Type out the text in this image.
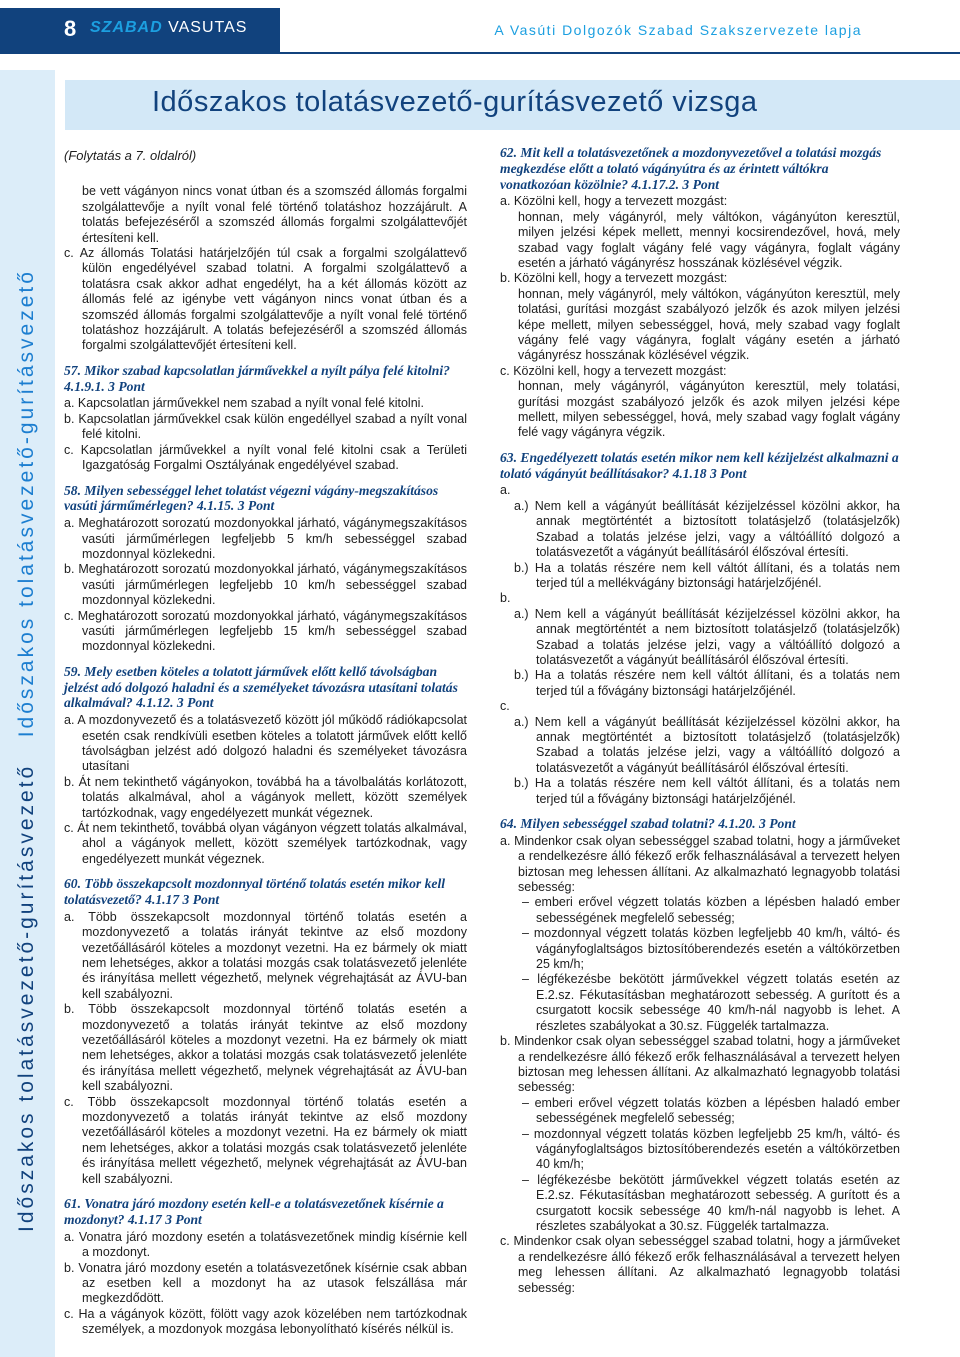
8 SZABAD VASUTAS	A Vasúti Dolgozók Szabad Szakszervezete lapja
Időszakos tolatásvezető-gurításvezető   Időszakos tolatásvezető-gurításvezető
Időszakos tolatásvezető-gurításvezető vizsga
(Folytatás a 7. oldalról)
be vett vágányon nincs vonat útban és a szomszéd állomás forgalmi szolgálattevője a nyílt vonal felé történő tolatáshoz hozzájárult. A tolatás befejezéséről a szomszéd állomás forgalmi szolgálattevőjét értesíteni kell.
c. Az állomás Tolatási határjelzőjén túl csak a forgalmi szolgálattevő külön engedélyével szabad tolatni. A forgalmi szolgálattevő a tolatásra csak akkor adhat engedélyt, ha a két állomás között az állomás felé az igénybe vett vágányon nincs vonat útban és a szomszéd állomás forgalmi szolgálattevője a nyílt vonal felé történő tolatáshoz hozzájárult. A tolatás befejezéséről a szomszéd állomás forgalmi szolgálattevőjét értesíteni kell.
57. Mikor szabad kapcsolatlan járművekkel a nyílt pálya felé kitolni? 4.1.9.1. 3 Pont
a. Kapcsolatlan járművekkel nem szabad a nyílt vonal felé kitolni.
b. Kapcsolatlan járművekkel csak külön engedéllyel szabad a nyílt vonal felé kitolni.
c. Kapcsolatlan járművekkel a nyílt vonal felé kitolni csak a Területi Igazgatóság Forgalmi Osztályának engedélyével szabad.
58. Milyen sebességgel lehet tolatást végezni vágány-megszakításos vasúti járműmérlegen? 4.1.15. 3 Pont
a. Meghatározott sorozatú mozdonyokkal járható, vágánymegszakításos vasúti járműmérlegen legfeljebb 5 km/h sebességgel szabad mozdonnyal közlekedni.
b. Meghatározott sorozatú mozdonyokkal járható, vágánymegszakításos vasúti járműmérlegen legfeljebb 10 km/h sebességgel szabad mozdonnyal közlekedni.
c. Meghatározott sorozatú mozdonyokkal járható, vágánymegszakításos vasúti járműmérlegen legfeljebb 15 km/h sebességgel szabad mozdonnyal közlekedni.
59. Mely esetben köteles a tolatott járművek előtt kellő távolságban jelzést adó dolgozó haladni és a személyeket távozásra utasítani tolatás alkalmával? 4.1.12. 3 Pont
a. A mozdonyvezető és a tolatásvezető között jól működő rádiókapcsolat esetén csak rendkívüli esetben köteles a tolatott járművek előtt kellő távolságban jelzést adó dolgozó haladni és személyeket távozásra utasítani
b. Át nem tekinthető vágányokon, továbbá ha a távolbalátás korlátozott, tolatás alkalmával, ahol a vágányok mellett, között személyek tartózkodnak, vagy engedélyezett munkát végeznek.
c. Át nem tekinthető, továbbá olyan vágányon végzett tolatás alkalmával, ahol a vágányok mellett, között személyek tartózkodnak, vagy engedélyezett munkát végeznek.
60. Több összekapcsolt mozdonnyal történő tolatás esetén mikor kell tolatásvezető? 4.1.17 3 Pont
a. Több összekapcsolt mozdonnyal történő tolatás esetén a mozdonyvezető a tolatás irányát tekintve az első mozdony vezetőállásáról köteles a mozdonyt vezetni. Ha ez bármely ok miatt nem lehetséges, akkor a tolatási mozgás csak tolatásvezető jelenléte és irányítása mellett végezhető, melynek végrehajtását az ÁVU-ban kell szabályozni.
b. Több összekapcsolt mozdonnyal történő tolatás esetén a mozdonyvezető a tolatás irányát tekintve az első mozdony vezetőállásáról köteles a mozdonyt vezetni. Ha ez bármely ok miatt nem lehetséges, akkor a tolatási mozgás csak tolatásvezető jelenléte és irányítása mellett végezhető, melynek végrehajtását az ÁVU-ban kell szabályozni.
c. Több összekapcsolt mozdonnyal történő tolatás esetén a mozdonyvezető a tolatás irányát tekintve az első mozdony vezetőállásáról köteles a mozdonyt vezetni. Ha ez bármely ok miatt nem lehetséges, akkor a tolatási mozgás csak tolatásvezető jelenléte és irányítása mellett végezhető, melynek végrehajtását az ÁVU-ban kell szabályozni.
61. Vonatra járó mozdony esetén kell-e a tolatásvezetőnek kísérnie a mozdonyt? 4.1.17 3 Pont
a. Vonatra járó mozdony esetén a tolatásvezetőnek mindig kísérnie kell a mozdonyt.
b. Vonatra járó mozdony esetén a tolatásvezetőnek kísérnie csak abban az esetben kell a mozdonyt ha az utasok felszállása már megkezdődött.
c. Ha a vágányok között, fölött vagy azok közelében nem tartózkodnak személyek, a mozdonyok mozgása lebonyolítható kísérés nélkül is.
62. Mit kell a tolatásvezetőnek a mozdonyvezetővel a tolatási mozgás megkezdése előtt a tolató vágányútra és az érintett váltókra vonatkozóan közölnie? 4.1.17.2. 3 Pont
a. Közölni kell, hogy a tervezett mozgást:
honnan, mely vágányról, mely váltókon, vágányúton keresztül, milyen jelzési képek mellett, mennyi kocsirendezővel, hová, mely szabad vagy foglalt vágány felé vagy vágányra, foglalt vágány esetén a járható vágányrész hosszának közlésével végzik.
b. Közölni kell, hogy a tervezett mozgást:
honnan, mely vágányról, mely váltókon, vágányúton keresztül, mely tolatási, gurítási mozgást szabályozó jelzők és azok milyen jelzési képe mellett, milyen sebességgel, hová, mely szabad vagy foglalt vágány felé vagy vágányra, foglalt vágány esetén a járható vágányrész hosszának közlésével végzik.
c. Közölni kell, hogy a tervezett mozgást:
honnan, mely vágányról, vágányúton keresztül, mely tolatási, gurítási mozgást szabályozó jelzők és azok milyen jelzési képe mellett, milyen sebességgel, hová, mely szabad vagy foglalt vágány felé vagy vágányra végzik.
63. Engedélyezett tolatás esetén mikor nem kell kézijelzést alkalmazni a tolató vágányút beállításakor? 4.1.18 3 Pont
a.
a.) Nem kell a vágányút beállítását kézijelzéssel közölni akkor, ha annak megtörténtét a biztosított tolatásjelző (tolatásjelzők) Szabad a tolatás jelzése jelzi, vagy a váltóállító dolgozó a tolatásvezetőt a vágányút beállításáról élőszóval értesíti.
b.) Ha a tolatás részére nem kell váltót állítani, és a tolatás nem terjed túl a mellékvágány biztonsági határjelzőjénél.
b.
a.) Nem kell a vágányút beállítását kézijelzéssel közölni akkor, ha annak megtörténtét a nem biztosított tolatásjelző (tolatásjelzők) Szabad a tolatás jelzése jelzi, vagy a váltóállító dolgozó a tolatásvezetőt a vágányút beállításáról élőszóval értesíti.
b.) Ha a tolatás részére nem kell váltót állítani, és a tolatás nem terjed túl a fővágány biztonsági határjelzőjénél.
c.
a.) Nem kell a vágányút beállítását kézijelzéssel közölni akkor, ha annak megtörténtét a biztosított tolatásjelző (tolatásjelzők) Szabad a tolatás jelzése jelzi, vagy a váltóállító dolgozó a tolatásvezetőt a vágányút beállításáról élőszóval értesíti.
b.) Ha a tolatás részére nem kell váltót állítani, és a tolatás nem terjed túl a fővágány biztonsági határjelzőjénél.
64. Milyen sebességgel szabad tolatni? 4.1.20. 3 Pont
a. Mindenkor csak olyan sebességgel szabad tolatni, hogy a járműveket a rendelkezésre álló fékező erők felhasználásával a tervezett helyen biztosan meg lehessen állítani. Az alkalmazható legnagyobb tolatási sebesség:
– emberi erővel végzett tolatás közben a lépésben haladó ember sebességének megfelelő sebesség;
– mozdonnyal végzett tolatás közben legfeljebb 40 km/h, váltó- és vágányfoglaltságos biztosítóberendezés esetén a váltókörzetben 25 km/h;
– légfékezésbe bekötött járművekkel végzett tolatás esetén az E.2.sz. Fékutasításban meghatározott sebesség. A gurított és a csurgatott kocsik sebessége 40 km/h-nál nagyobb is lehet. A részletes szabályokat a 30.sz. Függelék tartalmazza.
b. Mindenkor csak olyan sebességgel szabad tolatni, hogy a járműveket a rendelkezésre álló fékező erők felhasználásával a tervezett helyen biztosan meg lehessen állítani. Az alkalmazható legnagyobb tolatási sebesség:
– emberi erővel végzett tolatás közben a lépésben haladó ember sebességének megfelelő sebesség;
– mozdonnyal végzett tolatás közben legfeljebb 25 km/h, váltó- és vágányfoglaltságos biztosítóberendezés esetén a váltókörzetben 40 km/h;
– légfékezésbe bekötött járművekkel végzett tolatás esetén az E.2.sz. Fékutasításban meghatározott sebesség. A gurított és a csurgatott kocsik sebessége 40 km/h-nál nagyobb is lehet. A részletes szabályokat a 30.sz. Függelék tartalmazza.
c. Mindenkor csak olyan sebességgel szabad tolatni, hogy a járműveket a rendelkezésre álló fékező erők felhasználásával a tervezett helyen meg lehessen állítani. Az alkalmazható legnagyobb tolatási sebesség:
